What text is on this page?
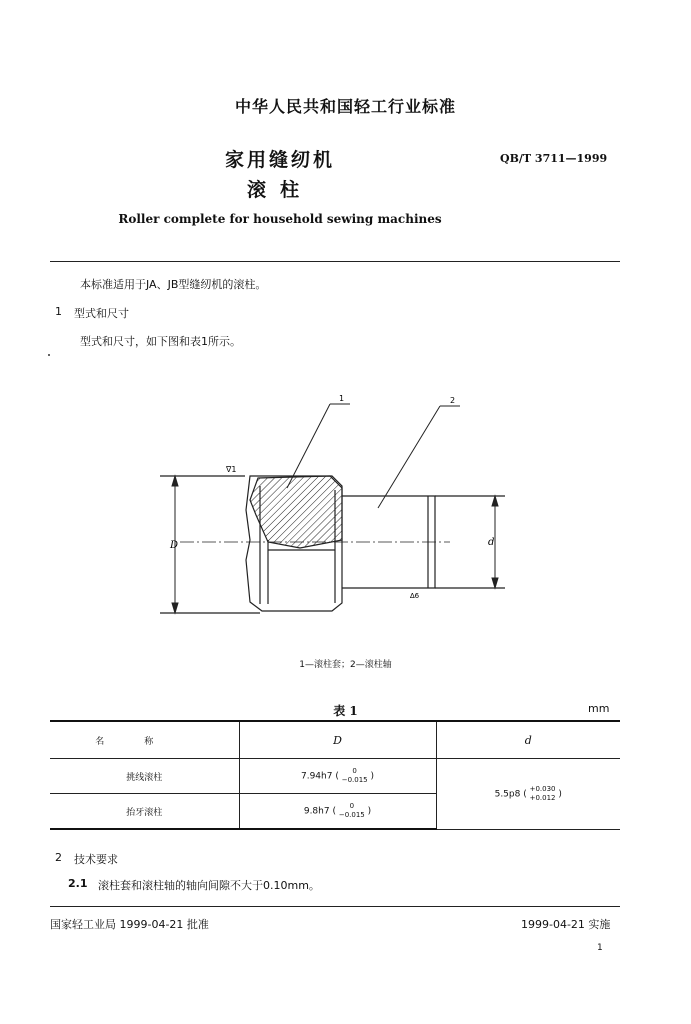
中华人民共和国轻工行业标准
家用缝纫机
滚柱
QB/T 3711—1999
Roller complete for household sewing machines
本标准适用于JA、JB型缝纫机的滚柱。
1 型式和尺寸
型式和尺寸，如下图和表1所示。
D	d
1	2
∇1
∆6
1—滚柱套；2—滚柱轴
表 1	mm
名称	D	d
挑线滚柱	7.94h7 ( 0
−0.015 )	5.5p8 ( +0.030
+0.012 )
抬牙滚柱	9.8h7 ( 0
−0.015 )	
2 技术要求
2.1 滚柱套和滚柱轴的轴向间隙不大于0.10mm。
国家轻工业局 1999-04-21 批准	1999-04-21 实施
1
